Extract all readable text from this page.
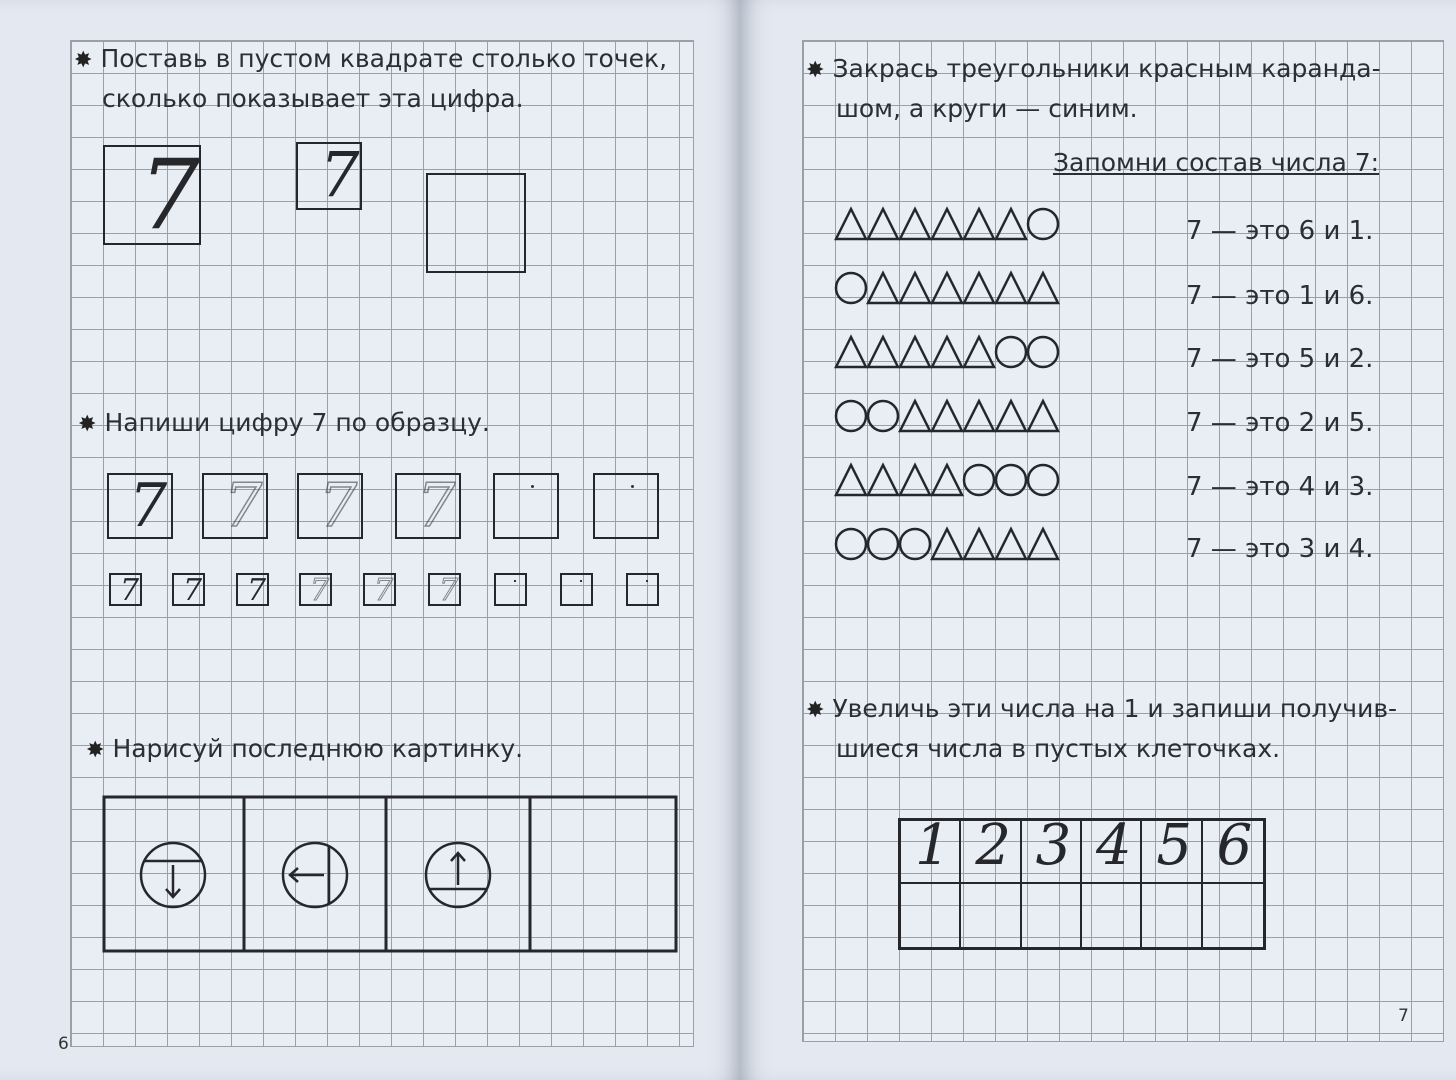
✸ Поставь в пустом квадрате столько точек,
сколько показывает эта цифра.
7 7
✸ Напиши цифру 7 по образцу.
7 7 7 7
7 7 7 7 7 7
✸ Нарисуй последнюю картинку.
6
✸ Закрась треугольники красным каранда-
шом, а круги — синим.
Запомни состав числа 7:
7 — это 6 и 1.
7 — это 1 и 6.
7 — это 5 и 2.
7 — это 2 и 5.
7 — это 4 и 3.
7 — это 3 и 4.
✸ Увеличь эти числа на 1 и запиши получив-
шиеся числа в пустых клеточках.
1 2 3 4 5 6
7
